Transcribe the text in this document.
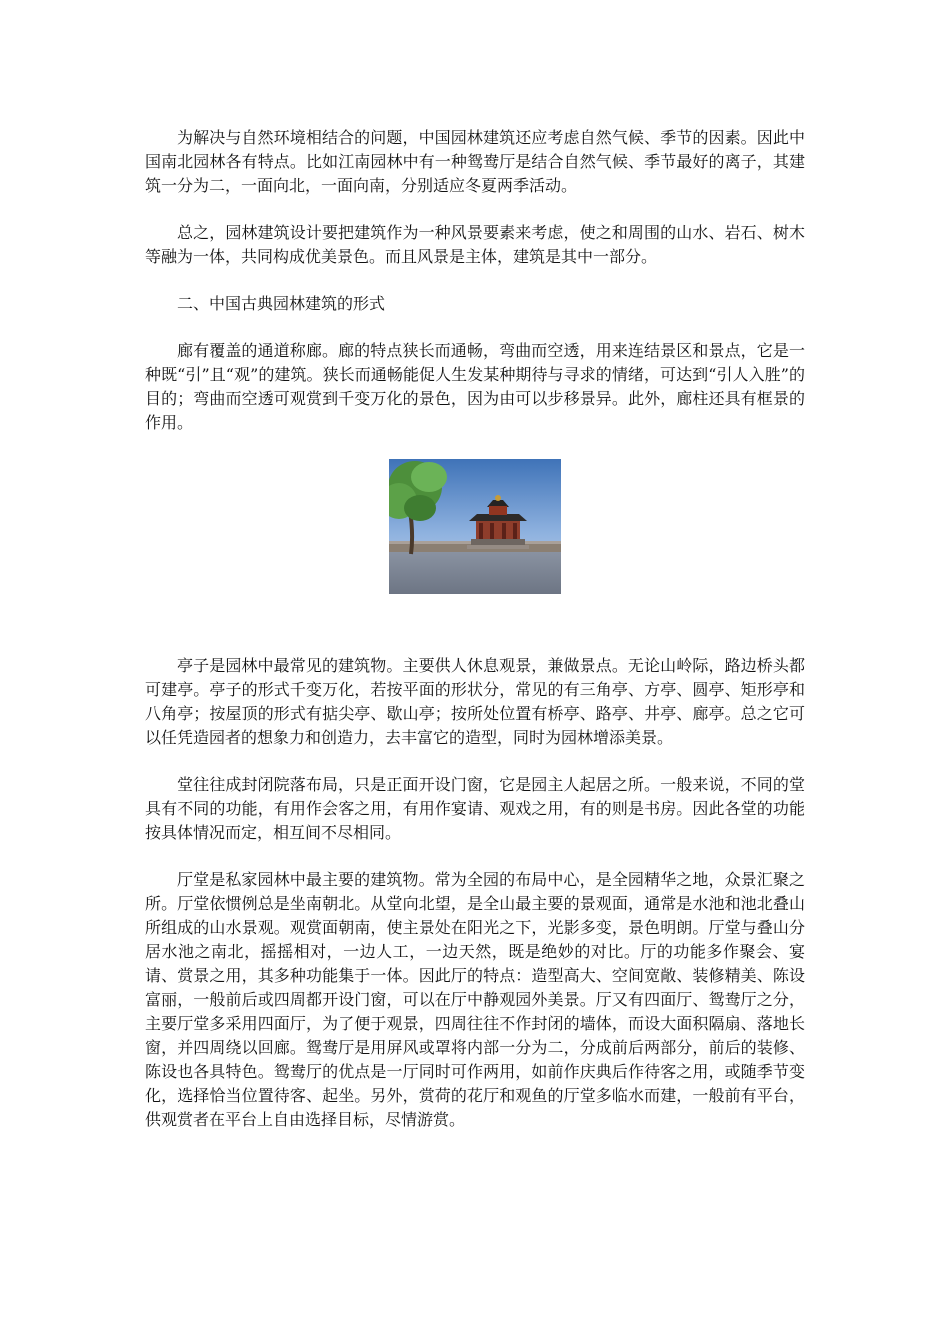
为解决与自然环境相结合的问题，中国园林建筑还应考虑自然气候、季节的因素。因此中国南北园林各有特点。比如江南园林中有一种鸳鸯厅是结合自然气候、季节最好的离子，其建筑一分为二，一面向北，一面向南，分别适应冬夏两季活动。

总之，园林建筑设计要把建筑作为一种风景要素来考虑，使之和周围的山水、岩石、树木等融为一体，共同构成优美景色。而且风景是主体，建筑是其中一部分。

二、中国古典园林建筑的形式

廊有覆盖的通道称廊。廊的特点狭长而通畅，弯曲而空透，用来连结景区和景点，它是一种既“引”且“观”的建筑。狭长而通畅能促人生发某种期待与寻求的情绪，可达到“引人入胜”的目的；弯曲而空透可观赏到千变万化的景色，因为由可以步移景异。此外，廊柱还具有框景的作用。

亭子是园林中最常见的建筑物。主要供人休息观景，兼做景点。无论山岭际，路边桥头都可建亭。亭子的形式千变万化，若按平面的形状分，常见的有三角亭、方亭、圆亭、矩形亭和八角亭；按屋顶的形式有掂尖亭、歇山亭；按所处位置有桥亭、路亭、井亭、廊亭。总之它可以任凭造园者的想象力和创造力，去丰富它的造型，同时为园林增添美景。

堂往往成封闭院落布局，只是正面开设门窗，它是园主人起居之所。一般来说，不同的堂具有不同的功能，有用作会客之用，有用作宴请、观戏之用，有的则是书房。因此各堂的功能按具体情况而定，相互间不尽相同。

厅堂是私家园林中最主要的建筑物。常为全园的布局中心，是全园精华之地，众景汇聚之所。厅堂依惯例总是坐南朝北。从堂向北望，是全山最主要的景观面，通常是水池和池北叠山所组成的山水景观。观赏面朝南，使主景处在阳光之下，光影多变，景色明朗。厅堂与叠山分居水池之南北，摇摇相对，一边人工，一边天然，既是绝妙的对比。厅的功能多作聚会、宴请、赏景之用，其多种功能集于一体。因此厅的特点：造型高大、空间宽敞、装修精美、陈设富丽，一般前后或四周都开设门窗，可以在厅中静观园外美景。厅又有四面厅、鸳鸯厅之分，主要厅堂多采用四面厅，为了便于观景，四周往往不作封闭的墙体，而设大面积隔扇、落地长窗，并四周绕以回廊。鸳鸯厅是用屏风或罩将内部一分为二，分成前后两部分，前后的装修、陈设也各具特色。鸳鸯厅的优点是一厅同时可作两用，如前作庆典后作待客之用，或随季节变化，选择恰当位置待客、起坐。另外，赏荷的花厅和观鱼的厅堂多临水而建，一般前有平台，供观赏者在平台上自由选择目标，尽情游赏。
